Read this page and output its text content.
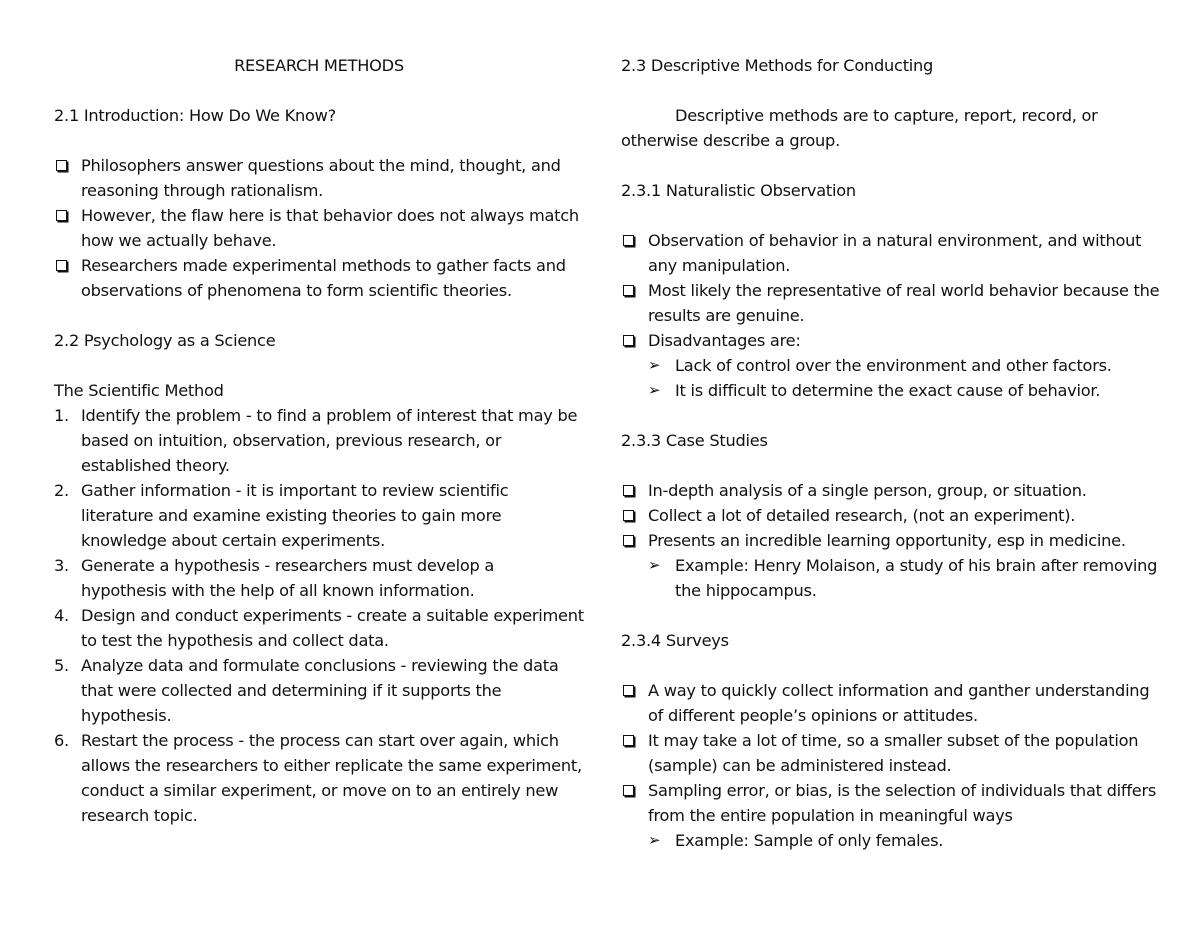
RESEARCH METHODS
2.1 Introduction: How Do We Know?
Philosophers answer questions about the mind, thought, and reasoning through rationalism.
However, the flaw here is that behavior does not always match how we actually behave.
Researchers made experimental methods to gather facts and observations of phenomena to form scientific theories.
2.2 Psychology as a Science
The Scientific Method
1. Identify the problem - to find a problem of interest that may be based on intuition, observation, previous research, or established theory.
2. Gather information - it is important to review scientific literature and examine existing theories to gain more knowledge about certain experiments.
3. Generate a hypothesis - researchers must develop a hypothesis with the help of all known information.
4. Design and conduct experiments - create a suitable experiment to test the hypothesis and collect data.
5. Analyze data and formulate conclusions - reviewing the data that were collected and determining if it supports the hypothesis.
6. Restart the process - the process can start over again, which allows the researchers to either replicate the same experiment, conduct a similar experiment, or move on to an entirely new research topic.
2.3 Descriptive Methods for Conducting
Descriptive methods are to capture, report, record, or otherwise describe a group.
2.3.1 Naturalistic Observation
Observation of behavior in a natural environment, and without any manipulation.
Most likely the representative of real world behavior because the results are genuine.
Disadvantages are:
➢ Lack of control over the environment and other factors.
➢ It is difficult to determine the exact cause of behavior.
2.3.3 Case Studies
In-depth analysis of a single person, group, or situation.
Collect a lot of detailed research, (not an experiment).
Presents an incredible learning opportunity, esp in medicine.
➢ Example: Henry Molaison, a study of his brain after removing the hippocampus.
2.3.4 Surveys
A way to quickly collect information and ganther understanding of different people’s opinions or attitudes.
It may take a lot of time, so a smaller subset of the population (sample) can be administered instead.
Sampling error, or bias, is the selection of individuals that differs from the entire population in meaningful ways
➢ Example: Sample of only females.
